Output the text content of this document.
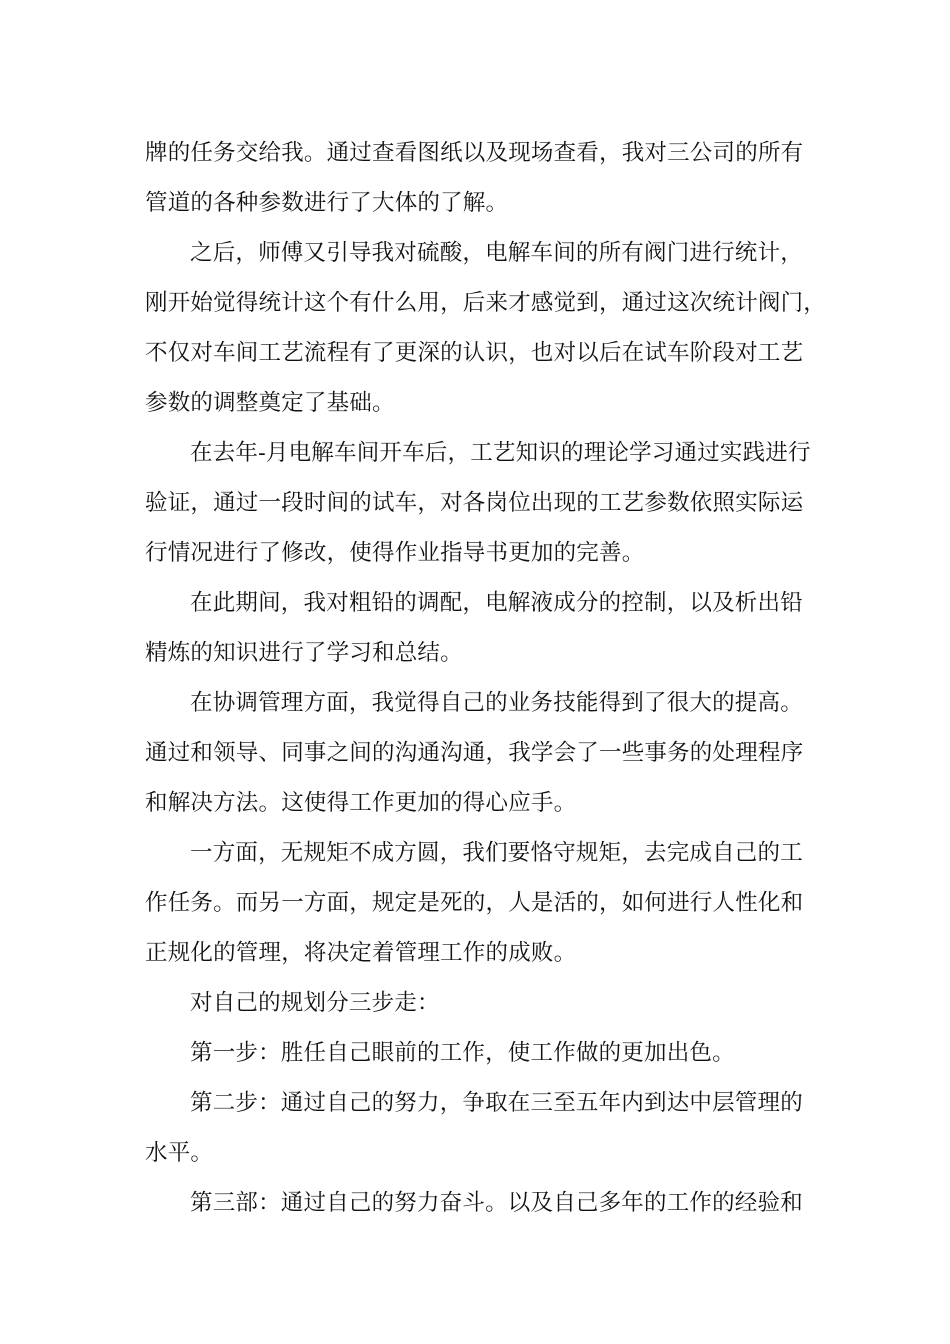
牌的任务交给我。通过查看图纸以及现场查看，我对三公司的所有
管道的各种参数进行了大体的了解。
之后，师傅又引导我对硫酸，电解车间的所有阀门进行统计，
刚开始觉得统计这个有什么用，后来才感觉到，通过这次统计阀门，
不仅对车间工艺流程有了更深的认识，也对以后在试车阶段对工艺
参数的调整奠定了基础。
在去年-月电解车间开车后，工艺知识的理论学习通过实践进行
验证，通过一段时间的试车，对各岗位出现的工艺参数依照实际运
行情况进行了修改，使得作业指导书更加的完善。
在此期间，我对粗铅的调配，电解液成分的控制，以及析出铅
精炼的知识进行了学习和总结。
在协调管理方面，我觉得自己的业务技能得到了很大的提高。
通过和领导、同事之间的沟通沟通，我学会了一些事务的处理程序
和解决方法。这使得工作更加的得心应手。
一方面，无规矩不成方圆，我们要恪守规矩，去完成自己的工
作任务。而另一方面，规定是死的，人是活的，如何进行人性化和
正规化的管理，将决定着管理工作的成败。
对自己的规划分三步走：
第一步：胜任自己眼前的工作，使工作做的更加出色。
第二步：通过自己的努力，争取在三至五年内到达中层管理的
水平。
第三部：通过自己的努力奋斗。以及自己多年的工作的经验和
